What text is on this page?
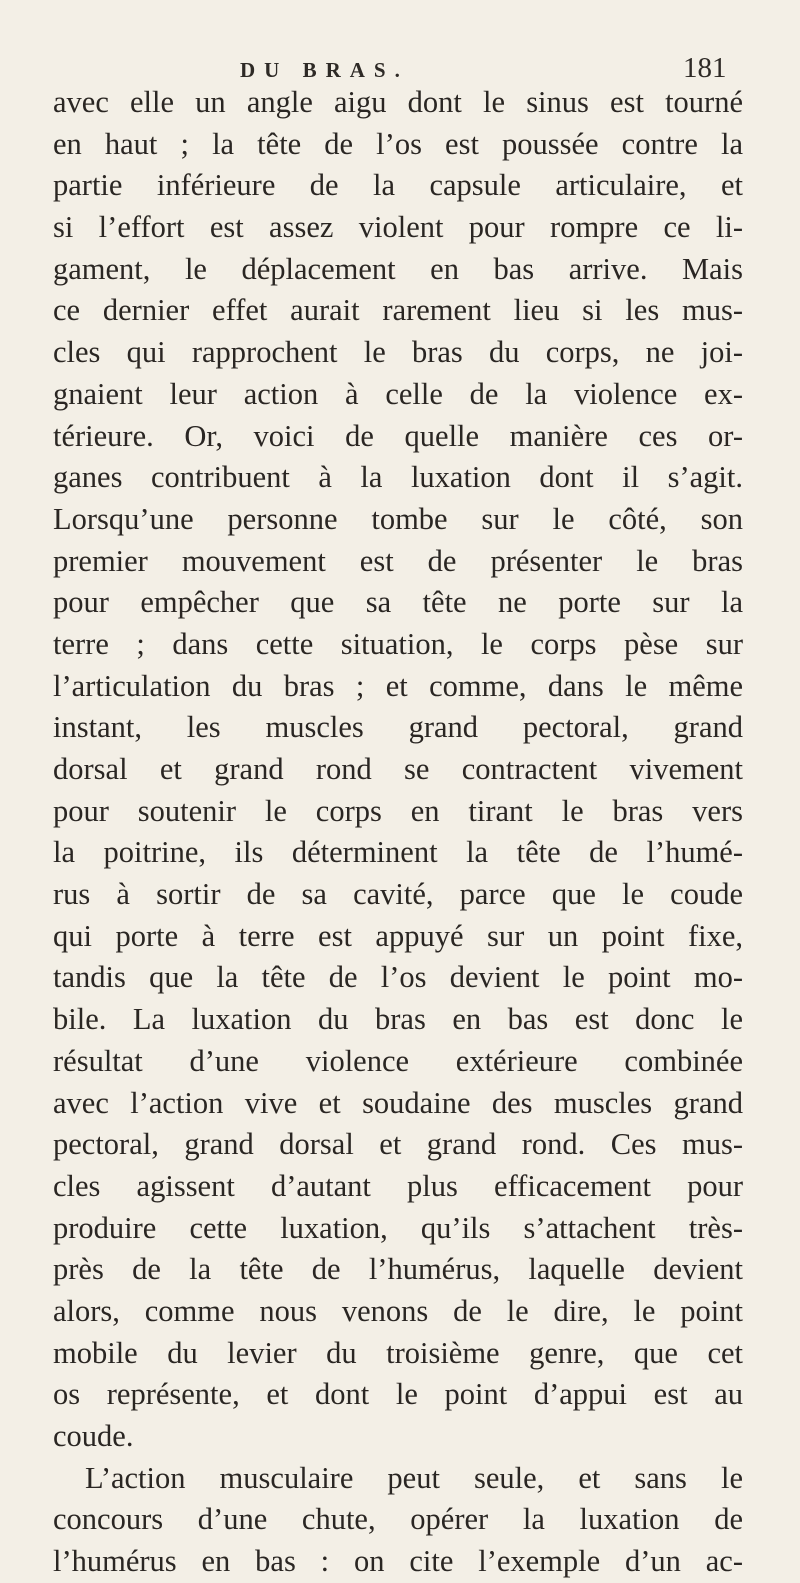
DU BRAS.	181
avec elle un angle aigu dont le sinus est tourné
en haut ; la tête de l’os est poussée contre la
partie inférieure de la capsule articulaire, et
si l’effort est assez violent pour rompre ce li-
gament, le déplacement en bas arrive. Mais
ce dernier effet aurait rarement lieu si les mus-
cles qui rapprochent le bras du corps, ne joi-
gnaient leur action à celle de la violence ex-
térieure. Or, voici de quelle manière ces or-
ganes contribuent à la luxation dont il s’agit.
Lorsqu’une personne tombe sur le côté, son
premier mouvement est de présenter le bras
pour empêcher que sa tête ne porte sur la
terre ; dans cette situation, le corps pèse sur
l’articulation du bras ; et comme, dans le même
instant, les muscles grand pectoral, grand
dorsal et grand rond se contractent vivement
pour soutenir le corps en tirant le bras vers
la poitrine, ils déterminent la tête de l’humé-
rus à sortir de sa cavité, parce que le coude
qui porte à terre est appuyé sur un point fixe,
tandis que la tête de l’os devient le point mo-
bile. La luxation du bras en bas est donc le
résultat d’une violence extérieure combinée
avec l’action vive et soudaine des muscles grand
pectoral, grand dorsal et grand rond. Ces mus-
cles agissent d’autant plus efficacement pour
produire cette luxation, qu’ils s’attachent très-
près de la tête de l’humérus, laquelle devient
alors, comme nous venons de le dire, le point
mobile du levier du troisième genre, que cet
os représente, et dont le point d’appui est au
coude.
L’action musculaire peut seule, et sans le
concours d’une chute, opérer la luxation de
l’humérus en bas : on cite l’exemple d’un ac-
